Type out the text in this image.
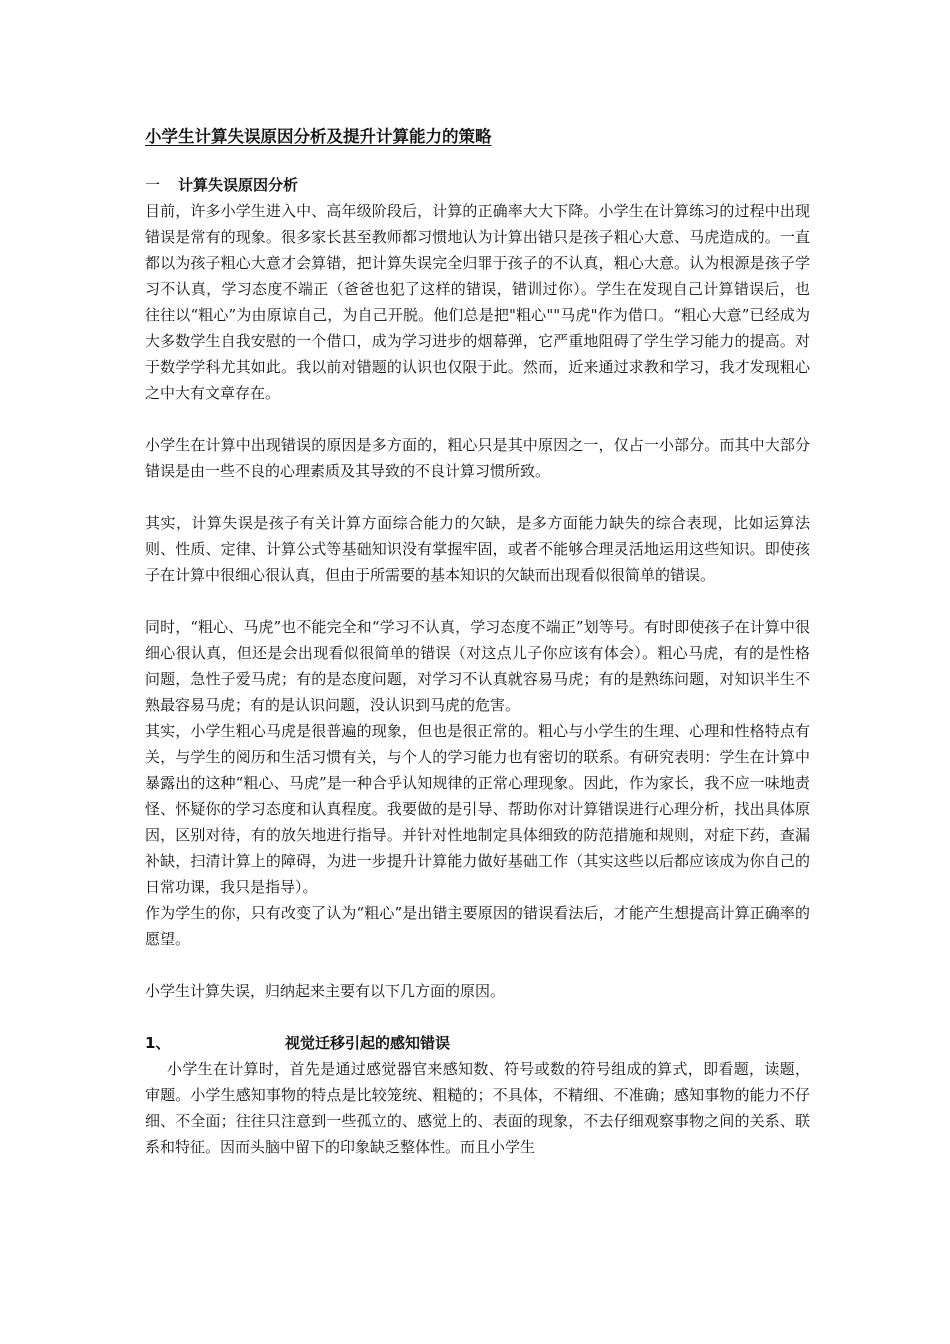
小学生计算失误原因分析及提升计算能力的策略
一 计算失误原因分析

目前，许多小学生进入中、高年级阶段后，计算的正确率大大下降。小学生在计算练习的过程中出现错误是常有的现象。很多家长甚至教师都习惯地认为计算出错只是孩子粗心大意、马虎造成的。一直都以为孩子粗心大意才会算错，把计算失误完全归罪于孩子的不认真，粗心大意。认为根源是孩子学习不认真，学习态度不端正（爸爸也犯了这样的错误，错训过你）。学生在发现自己计算错误后，也往往以“粗心”为由原谅自己，为自己开脱。他们总是把"粗心""马虎"作为借口。“粗心大意”已经成为大多数学生自我安慰的一个借口，成为学习进步的烟幕弹，它严重地阻碍了学生学习能力的提高。对于数学学科尤其如此。我以前对错题的认识也仅限于此。然而，近来通过求教和学习，我才发现粗心之中大有文章存在。

小学生在计算中出现错误的原因是多方面的，粗心只是其中原因之一，仅占一小部分。而其中大部分错误是由一些不良的心理素质及其导致的不良计算习惯所致。

其实，计算失误是孩子有关计算方面综合能力的欠缺，是多方面能力缺失的综合表现，比如运算法则、性质、定律、计算公式等基础知识没有掌握牢固，或者不能够合理灵活地运用这些知识。即使孩子在计算中很细心很认真，但由于所需要的基本知识的欠缺而出现看似很简单的错误。

同时，“粗心、马虎”也不能完全和“学习不认真，学习态度不端正”划等号。有时即使孩子在计算中很细心很认真，但还是会出现看似很简单的错误（对这点儿子你应该有体会）。粗心马虎，有的是性格问题，急性子爱马虎；有的是态度问题，对学习不认真就容易马虎；有的是熟练问题，对知识半生不熟最容易马虎；有的是认识问题，没认识到马虎的危害。

其实，小学生粗心马虎是很普遍的现象，但也是很正常的。粗心与小学生的生理、心理和性格特点有关，与学生的阅历和生活习惯有关，与个人的学习能力也有密切的联系。有研究表明：学生在计算中暴露出的这种“粗心、马虎”是一种合乎认知规律的正常心理现象。因此，作为家长，我不应一味地责怪、怀疑你的学习态度和认真程度。我要做的是引导、帮助你对计算错误进行心理分析，找出具体原因，区别对待，有的放矢地进行指导。并针对性地制定具体细致的防范措施和规则，对症下药，查漏补缺，扫清计算上的障碍，为进一步提升计算能力做好基础工作（其实这些以后都应该成为你自己的日常功课，我只是指导）。

作为学生的你，只有改变了认为“粗心”是出错主要原因的错误看法后，才能产生想提高计算正确率的愿望。

小学生计算失误，归纳起来主要有以下几方面的原因。

1、	视觉迁移引起的感知错误

小学生在计算时，首先是通过感觉器官来感知数、符号或数的符号组成的算式，即看题，读题，审题。小学生感知事物的特点是比较笼统、粗糙的；不具体，不精细、不准确；感知事物的能力不仔细、不全面；往往只注意到一些孤立的、感觉上的、表面的现象，不去仔细观察事物之间的关系、联系和特征。因而头脑中留下的印象缺乏整体性。而且小学生
